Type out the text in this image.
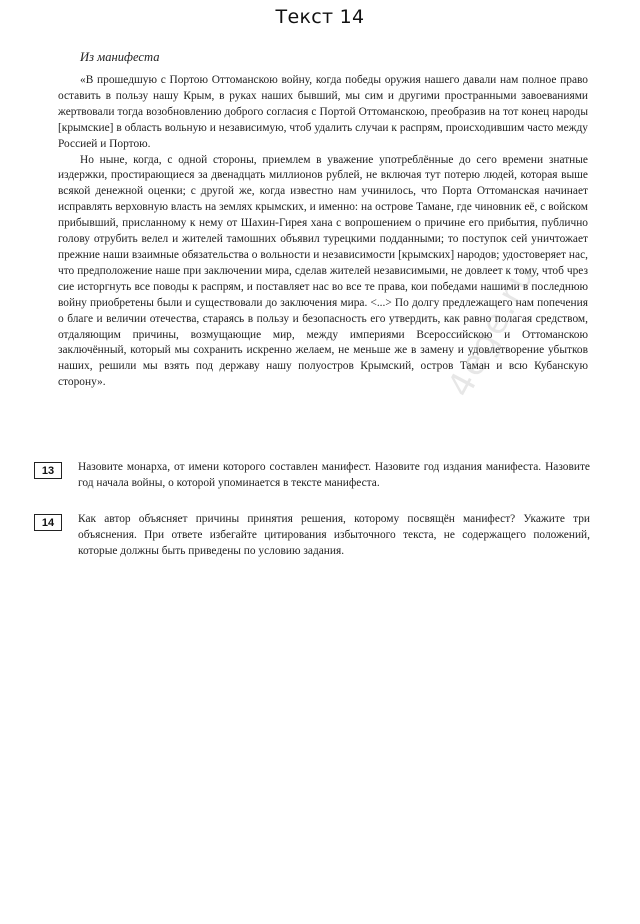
Текст 14
Из манифеста

«В прошедшую с Портою Оттоманскою войну, когда победы оружия нашего давали нам полное право оставить в пользу нашу Крым, в руках наших бывший, мы сим и другими пространными завоеваниями жертвовали тогда возобновлению доброго согласия с Портой Оттоманскою, преобразив на тот конец народы [крымские] в область вольную и независимую, чтоб удалить случаи к распрям, происходившим часто между Россией и Портою.

Но ныне, когда, с одной стороны, приемлем в уважение употреблённые до сего времени знатные издержки, простирающиеся за двенадцать миллионов рублей, не включая тут потерю людей, которая выше всякой денежной оценки; с другой же, когда известно нам учинилось, что Порта Оттоманская начинает исправлять верховную власть на землях крымских, и именно: на острове Тамане, где чиновник её, с войском прибывший, присланному к нему от Шахин-Гирея хана с вопрошением о причине его прибытия, публично голову отрубить велел и жителей тамошних объявил турецкими подданными; то поступок сей уничтожает прежние наши взаимные обязательства о вольности и независимости [крымских] народов; удостоверяет нас, что предположение наше при заключении мира, сделав жителей независимыми, не довлеет к тому, чтоб чрез сие исторгнуть все поводы к распрям, и поставляет нас во все те права, кои победами нашими в последнюю войну приобретены были и существовали до заключения мира. <...> По долгу предлежащего нам попечения о благе и величии отечества, стараясь в пользу и безопасность его утвердить, как равно полагая средством, отдаляющим причины, возмущающие мир, между империями Всероссийскою и Оттоманскою заключённый, который мы сохранить искренно желаем, не меньше же в замену и удовлетворение убытков наших, решили мы взять под державу нашу полуостров Крымский, остров Таман и всю Кубанскую сторону».

13	Назовите монарха, от имени которого составлен манифест. Назовите год издания манифеста. Назовите год начала войны, о которой упоминается в тексте манифеста.
14	Как автор объясняет причины принятия решения, которому посвящён манифест? Укажите три объяснения. При ответе избегайте цитирования избыточного текста, не содержащего положений, которые должны быть приведены по условию задания.
4ege.ru
